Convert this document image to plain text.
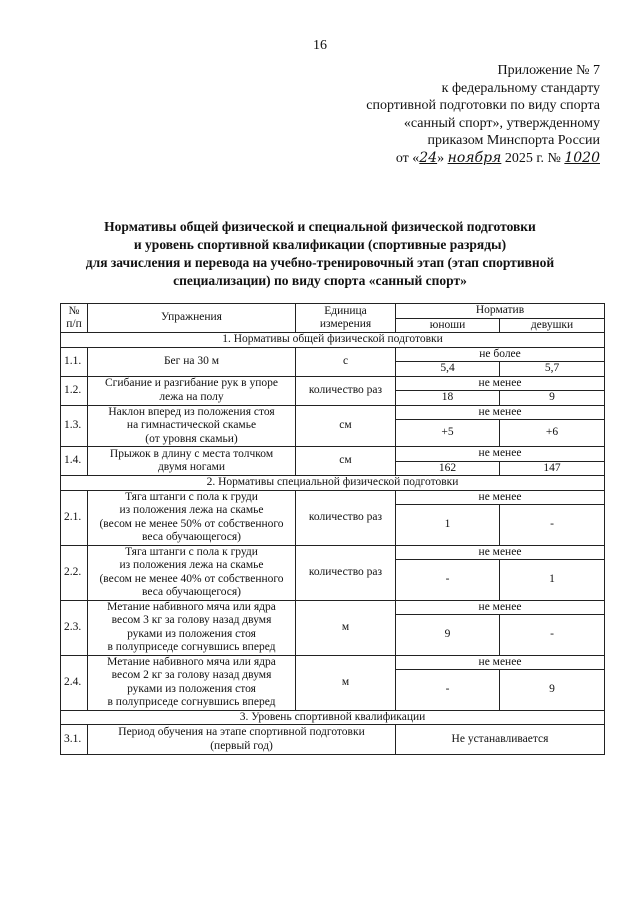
16
Приложение № 7
к федеральному стандарту
спортивной подготовки по виду спорта
«санный спорт», утвержденному
приказом Минспорта России
от «24» ноября 2025 г. № 1020
Нормативы общей физической и специальной физической подготовки
и уровень спортивной квалификации (спортивные разряды)
для зачисления и перевода на учебно-тренировочный этап (этап спортивной
специализации) по виду спорта «санный спорт»
№ п/п	Упражнения	Единица измерения	Норматив	
			юноши	девушки
1. Нормативы общей физической подготовки				
1.1.	Бег на 30 м	с	не более	
			5,4	5,7
1.2.	Сгибание и разгибание рук в упоре
лежа на полу	количество раз	не менее	
			18	9
1.3.	Наклон вперед из положения стоя
на гимнастической скамье
(от уровня скамьи)	см	не менее	
			+5	+6
1.4.	Прыжок в длину с места толчком
двумя ногами	см	не менее	
			162	147
2. Нормативы специальной физической подготовки				
2.1.	Тяга штанги с пола к груди
из положения лежа на скамье
(весом не менее 50% от собственного
веса обучающегося)	количество раз	не менее	
			1	-
2.2.	Тяга штанги с пола к груди
из положения лежа на скамье
(весом не менее 40% от собственного
веса обучающегося)	количество раз	не менее	
			-	1
2.3.	Метание набивного мяча или ядра
весом 3 кг за голову назад двумя
руками из положения стоя
в полуприседе согнувшись вперед	м	не менее	
			9	-
2.4.	Метание набивного мяча или ядра
весом 2 кг за голову назад двумя
руками из положения стоя
в полуприседе согнувшись вперед	м	не менее	
			-	9
3. Уровень спортивной квалификации				
3.1.	Период обучения на этапе спортивной подготовки
(первый год)		Не устанавливается	
